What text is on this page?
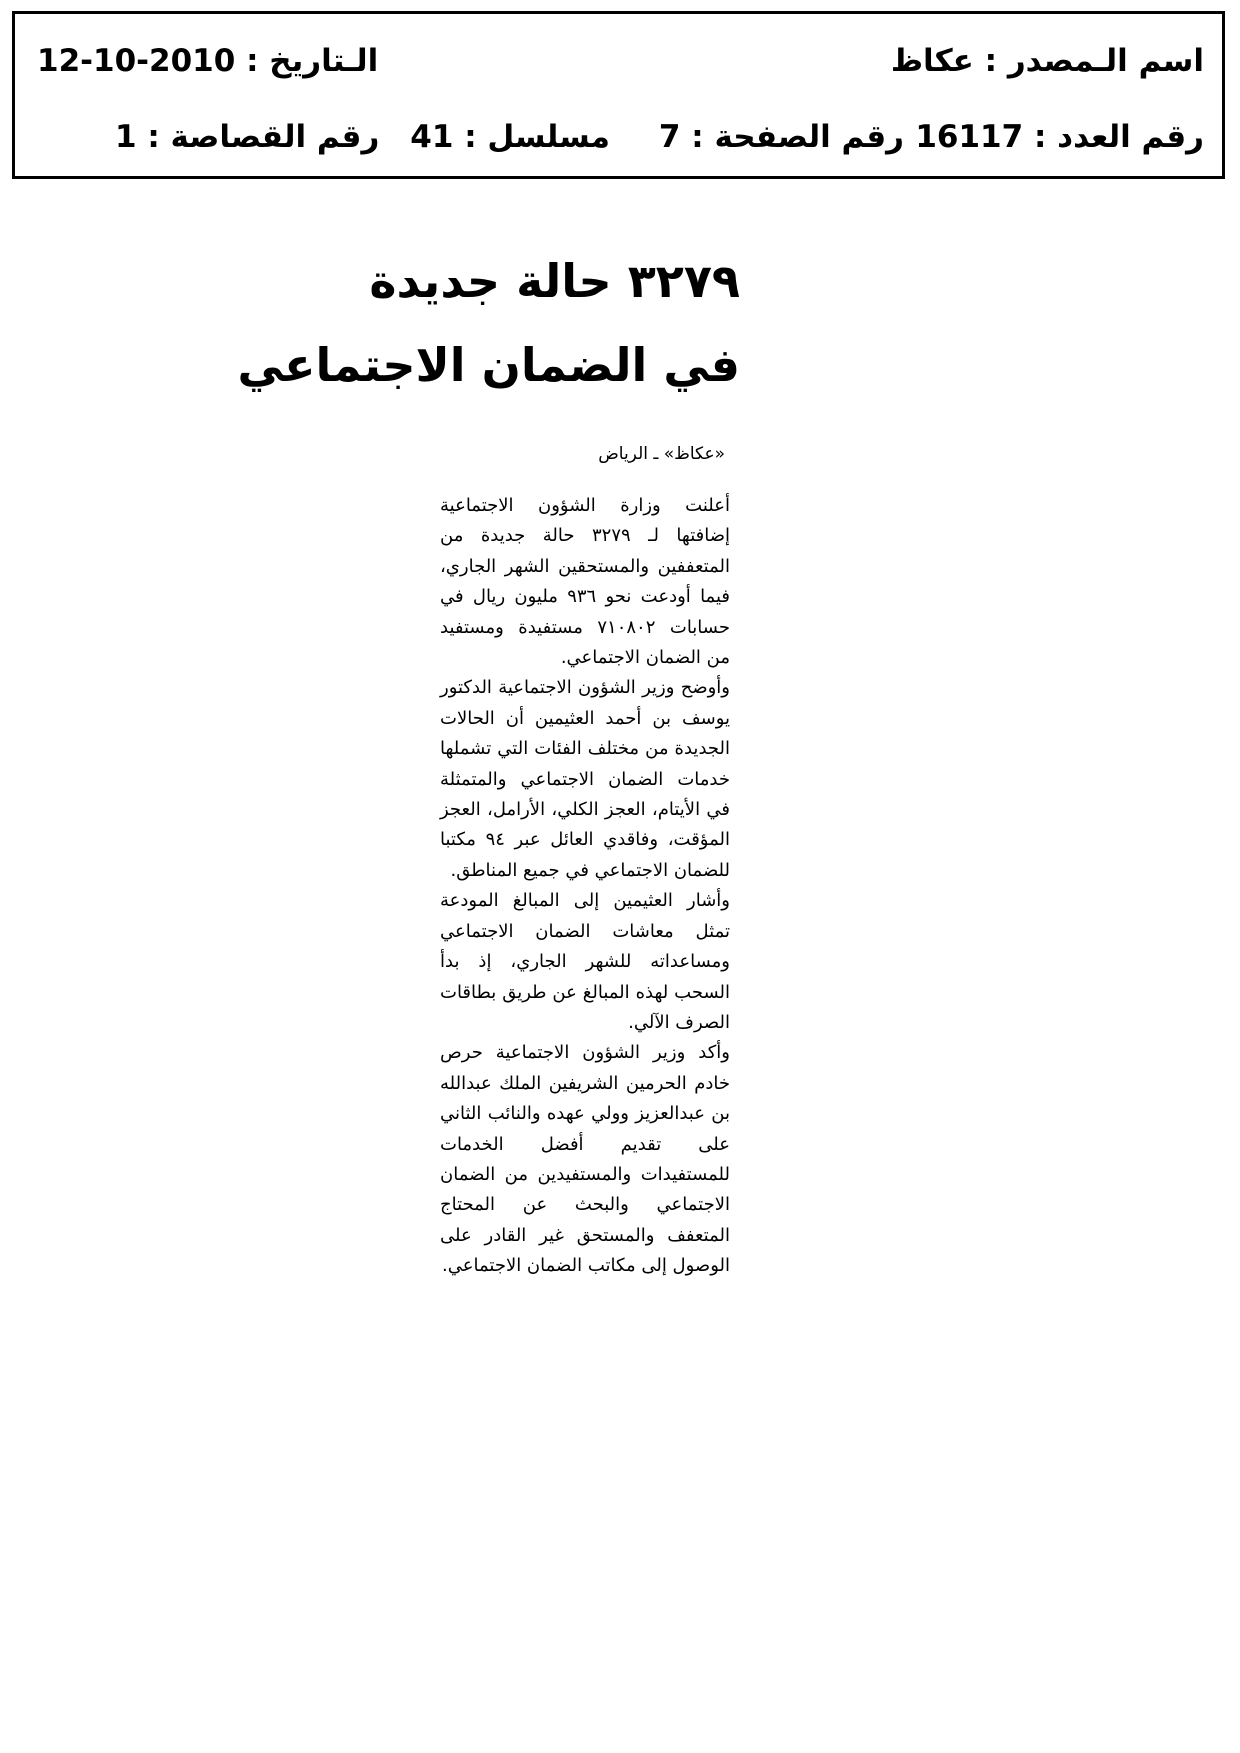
اسم الـمصدر : عكاظ
الـتاريخ : 2010-10-12
رقم العدد : 16117
رقم الصفحة : 7
مسلسل : 41
رقم القصاصة : 1
٣٢٧٩ حالة جديدة
في الضمان الاجتماعي
«عكاظ» ـ الرياض

أعلنت وزارة الشؤون الاجتماعية إضافتها لـ ٣٢٧٩ حالة جديدة من المتعففين والمستحقين الشهر الجاري، فيما أودعت نحو ٩٣٦ مليون ريال في حسابات ٧١٠٨٠٢ مستفيدة ومستفيد من الضمان الاجتماعي.

وأوضح وزير الشؤون الاجتماعية الدكتور يوسف بن أحمد العثيمين أن الحالات الجديدة من مختلف الفئات التي تشملها خدمات الضمان الاجتماعي والمتمثلة في الأيتام، العجز الكلي، الأرامل، العجز المؤقت، وفاقدي العائل عبر ٩٤ مكتبا للضمان الاجتماعي في جميع المناطق.

وأشار العثيمين إلى المبالغ المودعة تمثل معاشات الضمان الاجتماعي ومساعداته للشهر الجاري، إذ بدأ السحب لهذه المبالغ عن طريق بطاقات الصرف الآلي.

وأكد وزير الشؤون الاجتماعية حرص خادم الحرمين الشريفين الملك عبدالله بن عبدالعزيز وولي عهده والنائب الثاني على تقديم أفضل الخدمات للمستفيدات والمستفيدين من الضمان الاجتماعي والبحث عن المحتاج المتعفف والمستحق غير القادر على الوصول إلى مكاتب الضمان الاجتماعي.
